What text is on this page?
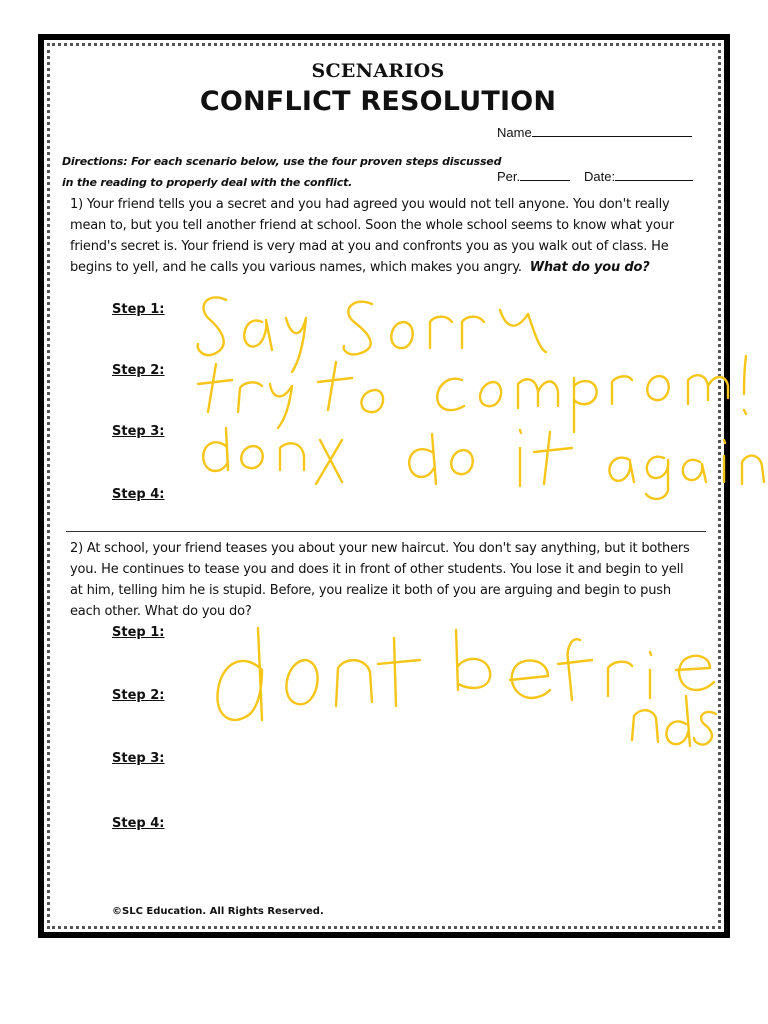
SCENARIOS
CONFLICT RESOLUTION
Name
Directions: For each scenario below, use the four proven steps discussed in the reading to properly deal with the conflict.	Per.	Date:
1) Your friend tells you a secret and you had agreed you would not tell anyone. You don't really mean to, but you tell another friend at school. Soon the whole school seems to know what your friend's secret is. Your friend is very mad at you and confronts you as you walk out of class. He begins to yell, and he calls you various names, which makes you angry. What do you do?
Step 1:
Step 2:
Step 3:
Step 4:
2) At school, your friend teases you about your new haircut. You don't say anything, but it bothers you. He continues to tease you and does it in front of other students. You lose it and begin to yell at him, telling him he is stupid. Before, you realize it both of you are arguing and begin to push each other. What do you do?
Step 1:
Step 2:
Step 3:
Step 4:
©SLC Education. All Rights Reserved.
